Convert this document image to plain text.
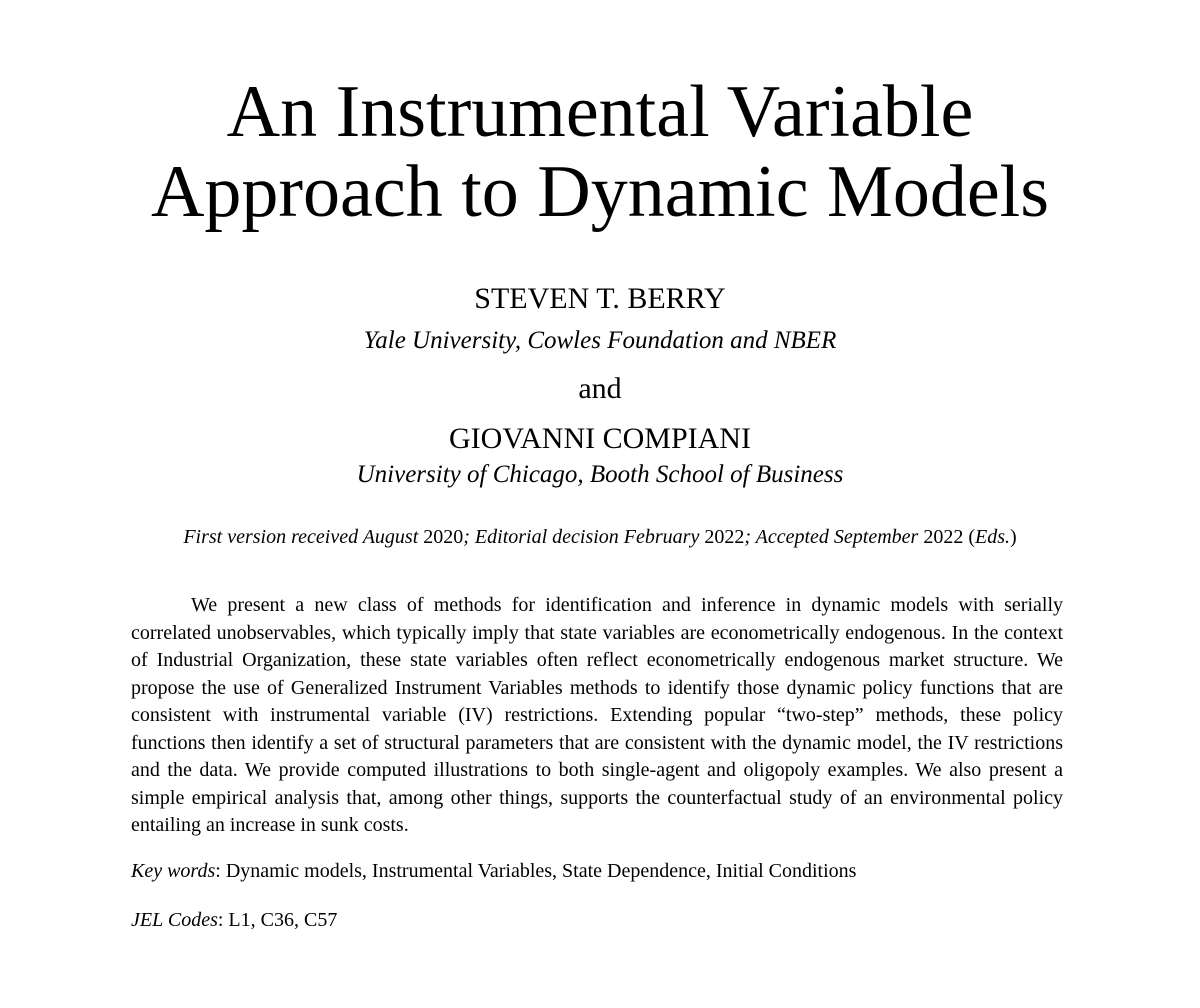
An Instrumental Variable
Approach to Dynamic Models
STEVEN T. BERRY
Yale University, Cowles Foundation and NBER
and
GIOVANNI COMPIANI
University of Chicago, Booth School of Business
First version received August 2020; Editorial decision February 2022; Accepted September 2022 (Eds.)

We present a new class of methods for identification and inference in dynamic models with serially correlated unobservables, which typically imply that state variables are econometrically endogenous. In the context of Industrial Organization, these state variables often reflect econometrically endogenous market structure. We propose the use of Generalized Instrument Variables methods to identify those dynamic policy functions that are consistent with instrumental variable (IV) restrictions. Extending popular “two-step” methods, these policy functions then identify a set of structural parameters that are consistent with the dynamic model, the IV restrictions and the data. We provide computed illustrations to both single-agent and oligopoly examples. We also present a simple empirical analysis that, among other things, supports the counterfactual study of an environmental policy entailing an increase in sunk costs.

Key words: Dynamic models, Instrumental Variables, State Dependence, Initial Conditions
JEL Codes: L1, C36, C57
